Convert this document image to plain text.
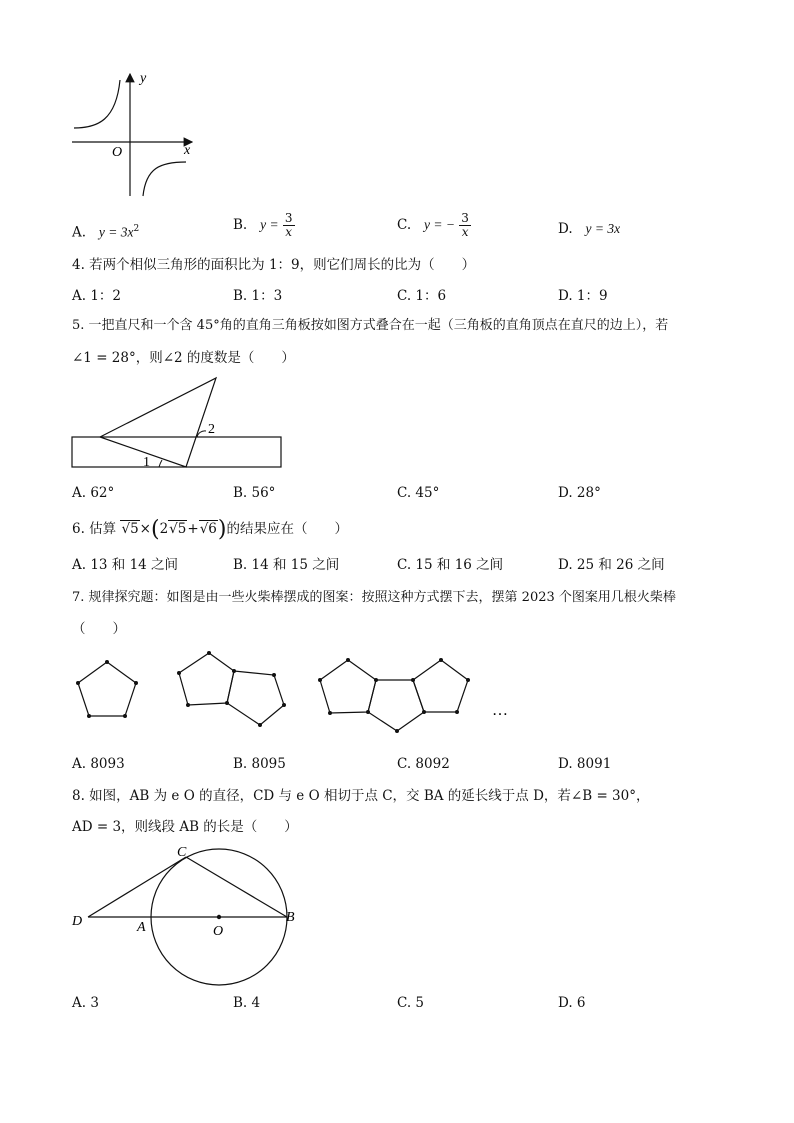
y
x
O
A. $y = 3x^2$	B. $y = \frac{3}{x}$	C. y = − $\frac{3}{x}$	D. y = 3x
4. 若两个相似三角形的面积比为 1：9，则它们周长的比为（　　）
A. 1：2	B. 1：3	C. 1：6	D. 1：9
5. 一把直尺和一个含 45°角的直角三角板按如图方式叠合在一起（三角板的直角顶点在直尺的边上），若
∠1 = 28°，则∠2 的度数是（　　）
1
2
A. 62°	B. 56°	C. 45°	D. 28°
6. 估算 √5×(2√5+√6)的结果应在（　　）
A. 13 和 14 之间	B. 14 和 15 之间	C. 15 和 16 之间	D. 25 和 26 之间
7. 规律探究题：如图是由一些火柴棒摆成的图案：按照这种方式摆下去，摆第 2023 个图案用几根火柴棒
（　　）
…
A. 8093	B. 8095	C. 8092	D. 8091
8. 如图，AB 为 e O 的直径，CD 与 e O 相切于点 C，交 BA 的延长线于点 D，若∠B = 30°，
AD = 3，则线段 AB 的长是（　　）
C
D	A	O
B
A. 3	B. 4	C. 5	D. 6
